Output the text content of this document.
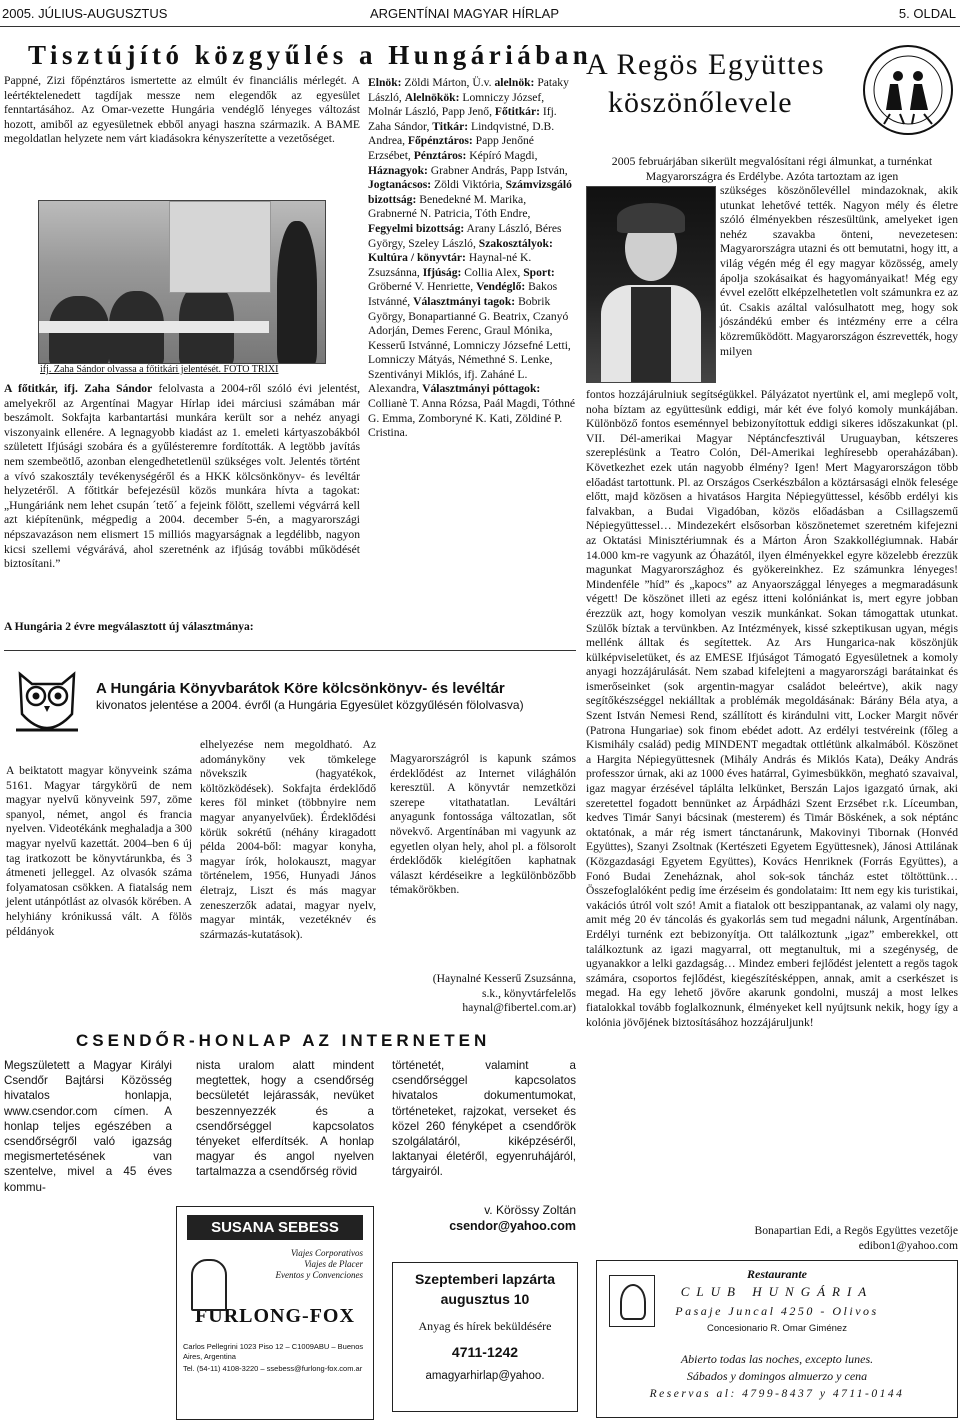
2005. JÚLIUS-AUGUSZTUS	ARGENTÍNAI MAGYAR HÍRLAP	5. OLDAL
Tisztújító közgyűlés a Hungáriában

Pappné, Zizi főpénztáros ismertette az elmúlt év financiális mérlegét. A leértéktelenedett tagdíjak messze nem elegendők az egyesület fenntartásához. Az Omar-vezette Hungária vendéglő lényeges változást hozott, amiből az egyesületnek ebből anyagi haszna származik. A BAME megoldatlan helyzete nem várt kiadásokra kényszerítette a vezetőséget.

ifj. Zaha Sándor olvassa a főtitkári jelentését. FOTO TRIXI

A főtitkár, ifj. Zaha Sándor felolvasta a 2004-ről szóló évi jelentést, amelyekről az Argentínai Magyar Hírlap idei márciusi számában már beszámolt. Sokfajta karbantartási munkára került sor a nehéz anyagi viszonyaink ellenére. A legnagyobb kiadást az 1. emeleti kártyaszobákból született Ifjúsági szobára és a gyűlésteremre fordították. A legtöbb javítás nem szembeötlő, azonban elengedhetetlenül szükséges volt. Jelentés történt a vívó szakosztály tevékenységéről és a HKK kölcsönkönyv- és levéltár helyzetéről. A főtitkár befejezésül közös munkára hívta a tagokat: „Hungáriánk nem lehet csupán ´tető´ a fejeink fölött, szellemi végvárrá kell azt kiépítenünk, mégpedig a 2004. december 5-én, a magyarországi népszavazáson nem elismert 15 milliós magyarságnak a legdélibb, nagyon kicsi szellemi végvárává, ahol szeretnénk az ifjúság további működését biztosítani.”

A Hungária 2 évre megválasztott új választmánya:

Elnök: Zöldi Márton, Ü.v. alelnök: Pataky László, Alelnökök: Lomniczy József, Molnár László, Papp Jenő, Főtitkár: Ifj. Zaha Sándor, Titkár: Lindqvistné, D.B. Andrea, Főpénztáros: Papp Jenőné Erzsébet, Pénztáros: Képíró Magdi, Háznagyok: Grabner András, Papp István, Jogtanácsos: Zöldi Viktória, Számvizsgáló bizottság: Benedekné M. Marika, Grabnerné N. Patricia, Tóth Endre, Fegyelmi bizottság: Arany László, Béres György, Szeley László, Szakosztályok: Kultúra / könyvtár: Haynal-né K. Zsuzsánna, Ifjúság: Collia Alex, Sport: Gröberné V. Henriette, Vendéglő: Bakos Istvánné, Választmányi tagok: Bobrik György, Bonapartianné G. Beatrix, Czanyó Adorján, Demes Ferenc, Graul Mónika, Kesserű Istvánné, Lomniczy Józsefné Letti, Lomniczy Mátyás, Némethné S. Lenke, Szentiványi Miklós, ifj. Zaháné L. Alexandra, Választmányi póttagok: Collianè T. Anna Rózsa, Paál Magdi, Tóthné G. Emma, Zomboryné K. Kati, Zöldiné P. Cristina.

A Hungária Könyvbarátok Köre kölcsönkönyv- és levéltár
kivonatos jelentése a 2004. évről (a Hungária Egyesület közgyűlésén fölolvasva)

A beiktatott magyar könyveink száma 5161. Magyar tárgykörű de nem magyar nyelvű könyveink 597, zöme spanyol, német, angol és francia nyelven. Videotékánk meghaladja a 300 magyar nyelvű kazettát. 2004–ben 6 új tag iratkozott be könyvtárunkba, és 3 átmeneti jelleggel. Az olvasók száma folyamatosan csökken. A fiatalság nem jelent utánpótlást az olvasók körében. A helyhiány krónikussá vált. A fölös példányok

elhelyezése nem megoldható. Az adományköny vek tömkelege növekszik (hagyatékok, költözködések). Sokfajta érdeklődő keres föl minket (többnyire nem magyar anyanyelvűek). Érdeklődési körük sokrétű (néhány kiragadott példa 2004-ből: magyar konyha, magyar írók, holokauszt, magyar történelem, 1956, Hunyadi János életrajz, Liszt és más magyar zeneszerzők adatai, magyar nyelv, magyar minták, vezetéknév és származás-kutatások).

Magyarországról is kapunk számos érdeklődést az Internet világhálón keresztül. A könyvtár nemzetközi szerepe vitathatatlan. Leváltári anyagunk fontossága változatlan, sőt növekvő. Argentínában mi vagyunk az egyetlen olyan hely, ahol pl. a fölsorolt érdeklődők kielégítően kaphatnak választ kérdéseikre a legkülönbözőbb témakörökben.

(Haynalné Kesserű Zsuzsánna,
s.k., könyvtárfelelős
haynal@fibertel.com.ar)
CSENDŐR-HONLAP AZ INTERNETEN

Megszületett a Magyar Királyi Csendőr Bajtársi Közösség hivatalos honlapja, www.csendor.com címen. A honlap teljes egészében a csendőrségről való igazság megismertetésének van szentelve, mivel a 45 éves kommu-

nista uralom alatt mindent megtettek, hogy a csendőrség becsületét lejárassák, nevüket beszennyezzék és a csendőrséggel kapcsolatos tényeket elferdítsék. A honlap magyar és angol nyelven tartalmazza a csendőrség rövid

történetét, valamint a csendőrséggel kapcsolatos hivatalos dokumentumokat, történeteket, rajzokat, verseket és közel 260 fényképet a csendőrök szolgálatáról, kiképzéséről, laktanyai életéről, egyenruhájáról, tárgyairól.

v. Körössy Zoltán
csendor@yahoo.com
SUSANA SEBESS
Viajes Corporativos
Viajes de Placer
Eventos y Convenciones
FURLONG-FOX
Carlos Pellegrini 1023 Piso 12 – C1009ABU – Buenos Aires, Argentina
Tel. (54-11) 4108-3220 – ssebess@furlong-fox.com.ar
Szeptemberi lapzárta
augusztus 10
Anyag és hírek beküldésére
4711-1242
amagyarhirlap@yahoo.
A Regös Együttes
köszönőlevele

2005 februárjában sikerült megvalósítani régi álmunkat, a turnénkat Magyarországra és Erdélybe. Azóta tartoztam az igen

szükséges köszönőlevéllel mindazoknak, akik utunkat lehetővé tették. Nagyon mély és életre szóló élményekben részesültünk, amelyeket igen nehéz szavakba önteni, nevezetesen: Magyarországra utazni és ott bemutatni, hogy itt, a világ végén még él egy magyar közösség, amely ápolja szokásaikat és hagyományaikat! Még egy évvel ezelőtt elképzelhetetlen volt számunkra ez az út. Csakis azáltal valósulhatott meg, hogy sok jószándékú ember és intézmény erre a célra közreműködött. Magyarországon észrevették, hogy milyen

fontos hozzájárulniuk segítségükkel. Pályázatot nyertünk el, ami meglepő volt, noha bíztam az együttesünk eddigi, már két éve folyó komoly munkájában. Különböző fontos eseménnyel bebizonyítottuk eddigi sikeres időszakunkat (pl. VII. Dél-amerikai Magyar Néptáncfesztivál Uruguayban, kétszeres szereplésünk a Teatro Colón, Dél-Amerikai leghíresebb operaházában). Következhet ezek után nagyobb élmény? Igen! Mert Magyarországon több előadást tartottunk. Pl. az Országos Cserkészbálon a köztársasági elnök felesége előtt, majd közösen a hivatásos Hargita Népiegyüttessel, később erdélyi kis falvakban, a Budai Vigadóban, közös előadásban a Csillagszemű Népiegyüttessel… Mindezekért elsősorban köszönetemet szeretném kifejezni az Oktatási Minisztériumnak és a Márton Áron Szakkollégiumnak. Habár 14.000 km-re vagyunk az Óhazától, ilyen élményekkel egyre közelebb érezzük magunkat Magyarországhoz és gyökereinkhez. Ez számunkra lényeges! Mindenféle ”híd” és „kapocs” az Anyaországgal lényeges a megmaradásunk végett! De köszönet illeti az egész itteni kolóniánkat is, mert egyre jobban érezzük azt, hogy komolyan veszik munkánkat. Sokan támogattak utunkat. Szülők bíztak a tervünkben. Az Intézmények, kissé szkeptikusan ugyan, mégis mellénk álltak és segítettek. Az Ars Hungarica-nak köszönjük külképviseletüket, és az EMESE Ifjúságot Támogató Egyesületnek a komoly anyagi hozzájárulását. Nem szabad kifelejteni a magyarországi barátainkat és ismerőseinket (sok argentin-magyar családot beleértve), akik nagy segítőkészséggel nekiálltak a problémák megoldásának: Bárány Béla atya, a Szent István Nemesi Rend, szállított és kirándulni vitt, Locker Margit nővér (Patrona Hungariae) sok finom ebédet adott. Az erdélyi testvéreink (főleg a Kismihály család) pedig MINDENT megadtak ottlétünk alkalmából. Köszönet a Hargita Népiegyüttesnek (Mihály András és Miklós Kata), Deáky András professzor úrnak, aki az 1000 éves határral, Gyimesbükkön, megható szavaival, igaz magyar érzésével táplálta lelkünket, Berszán Lajos igazgató úrnak, aki szeretettel fogadott bennünket az Árpádházi Szent Erzsébet r.k. Líceumban, kedves Timár Sanyi bácsinak (mesterem) és Timár Böskének, a sok néptánc oktatónak, a már rég ismert tánctanárunk, Makovinyi Tibornak (Honvéd Együttes), Szanyi Zsoltnak (Kertészeti Egyetem Együttesnek), Jánosi Attilának (Közgazdasági Egyetem Együttes), Kovács Henriknek (Forrás Együttes), a Fonó Budai Zeneháznak, ahol sok-sok táncház estet töltöttünk… Összefoglalóként pedig íme érzéseim és gondolataim: Itt nem egy kis turistikai, vakációs útról volt szó! Amit a fiatalok ott beszippantanak, az valami oly nagy, amit még 20 év táncolás és gyakorlás sem tud megadni nálunk, Argentínában. Erdélyi turnénk ezt bebizonyítja. Ott találkoztunk „igaz” emberekkel, ott találkoztunk az igazi magyarral, ott megtanultuk, mi a szegénység, de ugyanakkor a lelki gazdagság… Mindez emberi fejlődést jelentett a regös tagok számára, csoportos fejlődést, kiegészítésképpen, annak, amit a cserkészet is megad. Ha egy lehető jövőre akarunk gondolni, muszáj a most lelkes fiatalokkal tovább foglalkoznunk, élményeket kell nyújtsunk nekik, hogy így a kolónia jövőjének biztosításához hozzájáruljunk!

Bonapartian Edi, a Regös Együttes vezetője
edibon1@yahoo.com
Restaurante
CLUB HUNGÁRIA
Pasaje Juncal 4250 - Olivos
Concesionario R. Omar Giménez
Abierto todas las noches, excepto lunes.
Sábados y domingos almuerzo y cena
Reservas al: 4799-8437 y 4711-0144
